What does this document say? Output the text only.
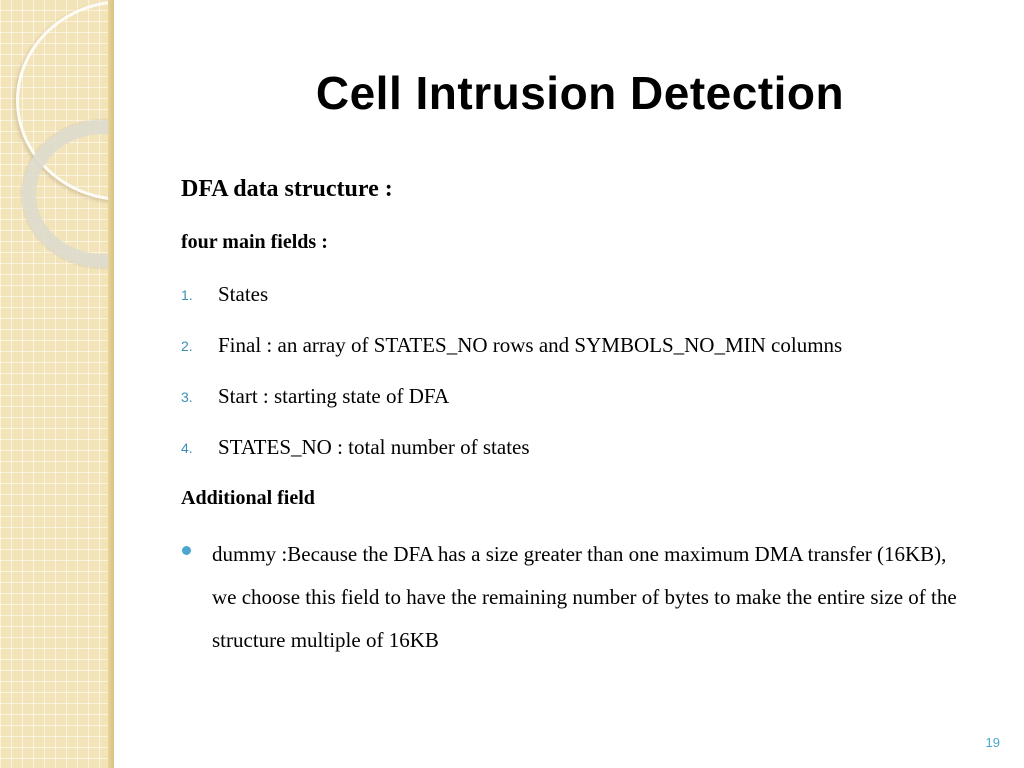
Cell Intrusion Detection
DFA data structure :
four main fields :
1. States
2. Final : an array of STATES_NO rows and SYMBOLS_NO_MIN columns
3. Start : starting state of DFA
4. STATES_NO : total number of states
Additional field
dummy :Because the DFA has a size greater than one maximum DMA transfer (16KB), we choose this field to have the remaining number of bytes to make the entire size of the structure multiple of 16KB
19
